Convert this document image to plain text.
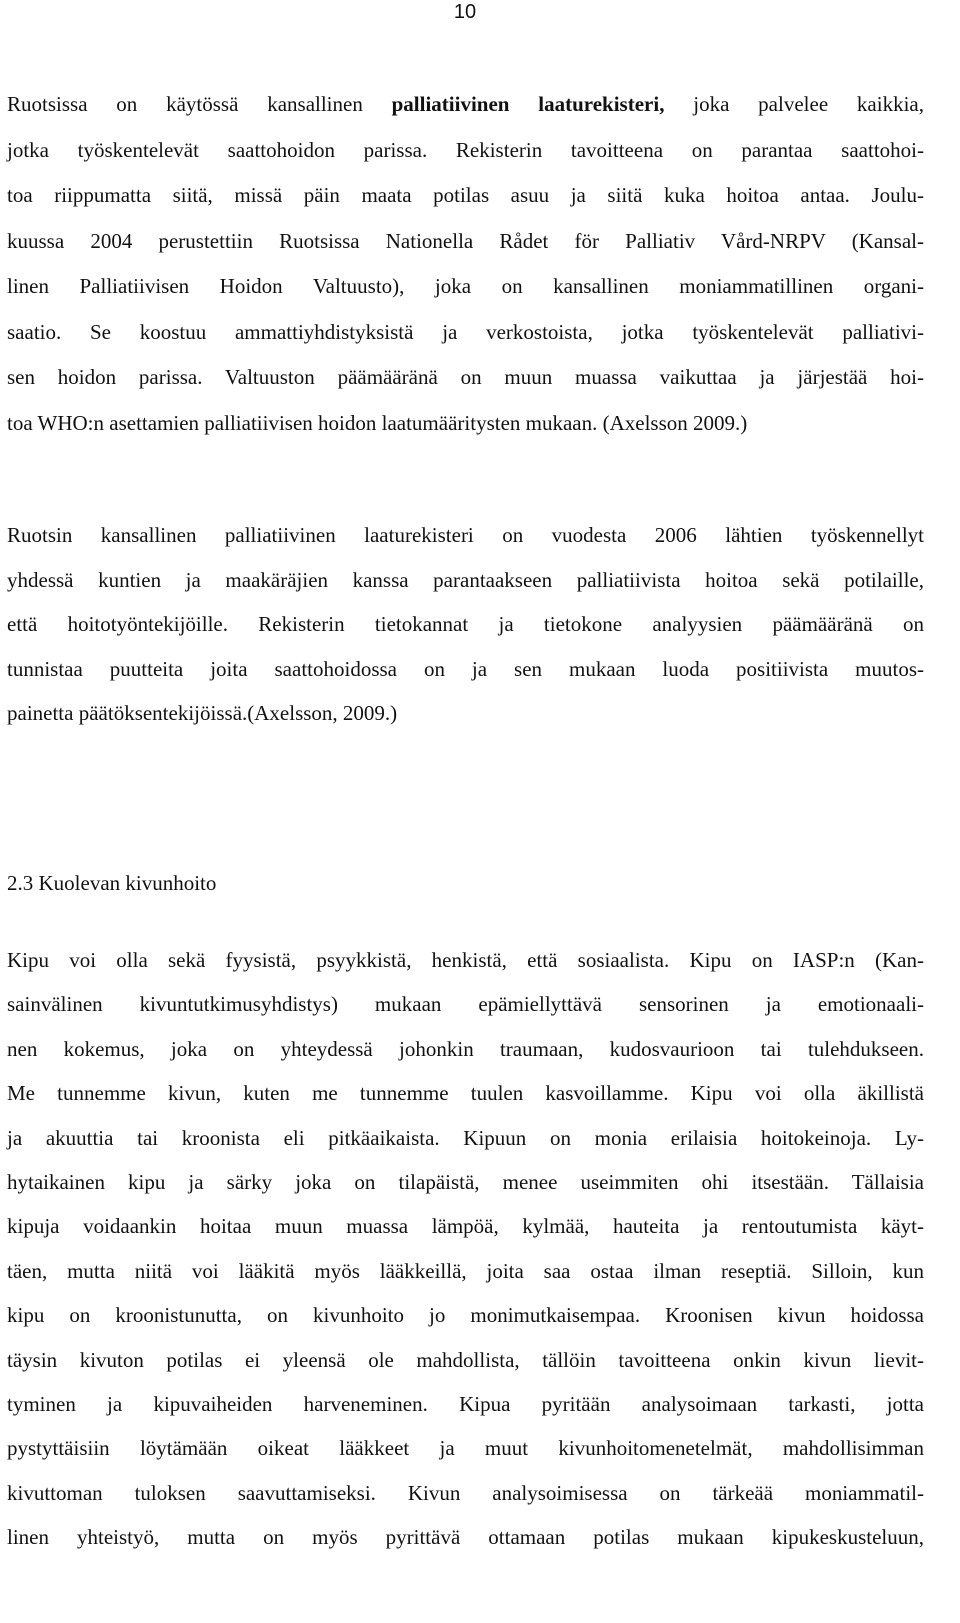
10
Ruotsissa on käytössä kansallinen palliatiivinen laaturekisteri, joka palvelee kaikkia,
jotka työskentelevät saattohoidon parissa. Rekisterin tavoitteena on parantaa saattohoi-
toa riippumatta siitä, missä päin maata potilas asuu ja siitä kuka hoitoa antaa. Joulu-
kuussa 2004 perustettiin Ruotsissa Nationella Rådet för Palliativ Vård-NRPV (Kansal-
linen Palliatiivisen Hoidon Valtuusto), joka on kansallinen moniammatillinen organi-
saatio. Se koostuu ammattiyhdistyksistä ja verkostoista, jotka työskentelevät palliativi-
sen hoidon parissa. Valtuuston päämääränä on muun muassa vaikuttaa ja järjestää hoi-
toa WHO:n asettamien palliatiivisen hoidon laatumääritysten mukaan. (Axelsson 2009.)
Ruotsin kansallinen palliatiivinen laaturekisteri on vuodesta 2006 lähtien työskennellyt
yhdessä kuntien ja maakäräjien kanssa parantaakseen palliatiivista hoitoa sekä potilaille,
että hoitotyöntekijöille. Rekisterin tietokannat ja tietokone analyysien päämääränä on
tunnistaa puutteita joita saattohoidossa on ja sen mukaan luoda positiivista muutos-
painetta päätöksentekijöissä.(Axelsson, 2009.)
2.3 Kuolevan kivunhoito
Kipu voi olla sekä fyysistä, psyykkistä, henkistä, että sosiaalista. Kipu on IASP:n (Kan-
sainvälinen kivuntutkimusyhdistys) mukaan epämiellyttävä sensorinen ja emotionaali-
nen kokemus, joka on yhteydessä johonkin traumaan, kudosvaurioon tai tulehdukseen.
Me tunnemme kivun, kuten me tunnemme tuulen kasvoillamme. Kipu voi olla äkillistä
ja akuuttia tai kroonista eli pitkäaikaista. Kipuun on monia erilaisia hoitokeinoja. Ly-
hytaikainen kipu ja särky joka on tilapäistä, menee useimmiten ohi itsestään. Tällaisia
kipuja voidaankin hoitaa muun muassa lämpöä, kylmää, hauteita ja rentoutumista käyt-
täen, mutta niitä voi lääkitä myös lääkkeillä, joita saa ostaa ilman reseptiä. Silloin, kun
kipu on kroonistunutta, on kivunhoito jo monimutkaisempaa. Kroonisen kivun hoidossa
täysin kivuton potilas ei yleensä ole mahdollista, tällöin tavoitteena onkin kivun lievit-
tyminen ja kipuvaiheiden harveneminen. Kipua pyritään analysoimaan tarkasti, jotta
pystyttäisiin löytämään oikeat lääkkeet ja muut kivunhoitomenetelmät, mahdollisimman
kivuttoman tuloksen saavuttamiseksi. Kivun analysoimisessa on tärkeää moniammatil-
linen yhteistyö, mutta on myös pyrittävä ottamaan potilas mukaan kipukeskusteluun,
